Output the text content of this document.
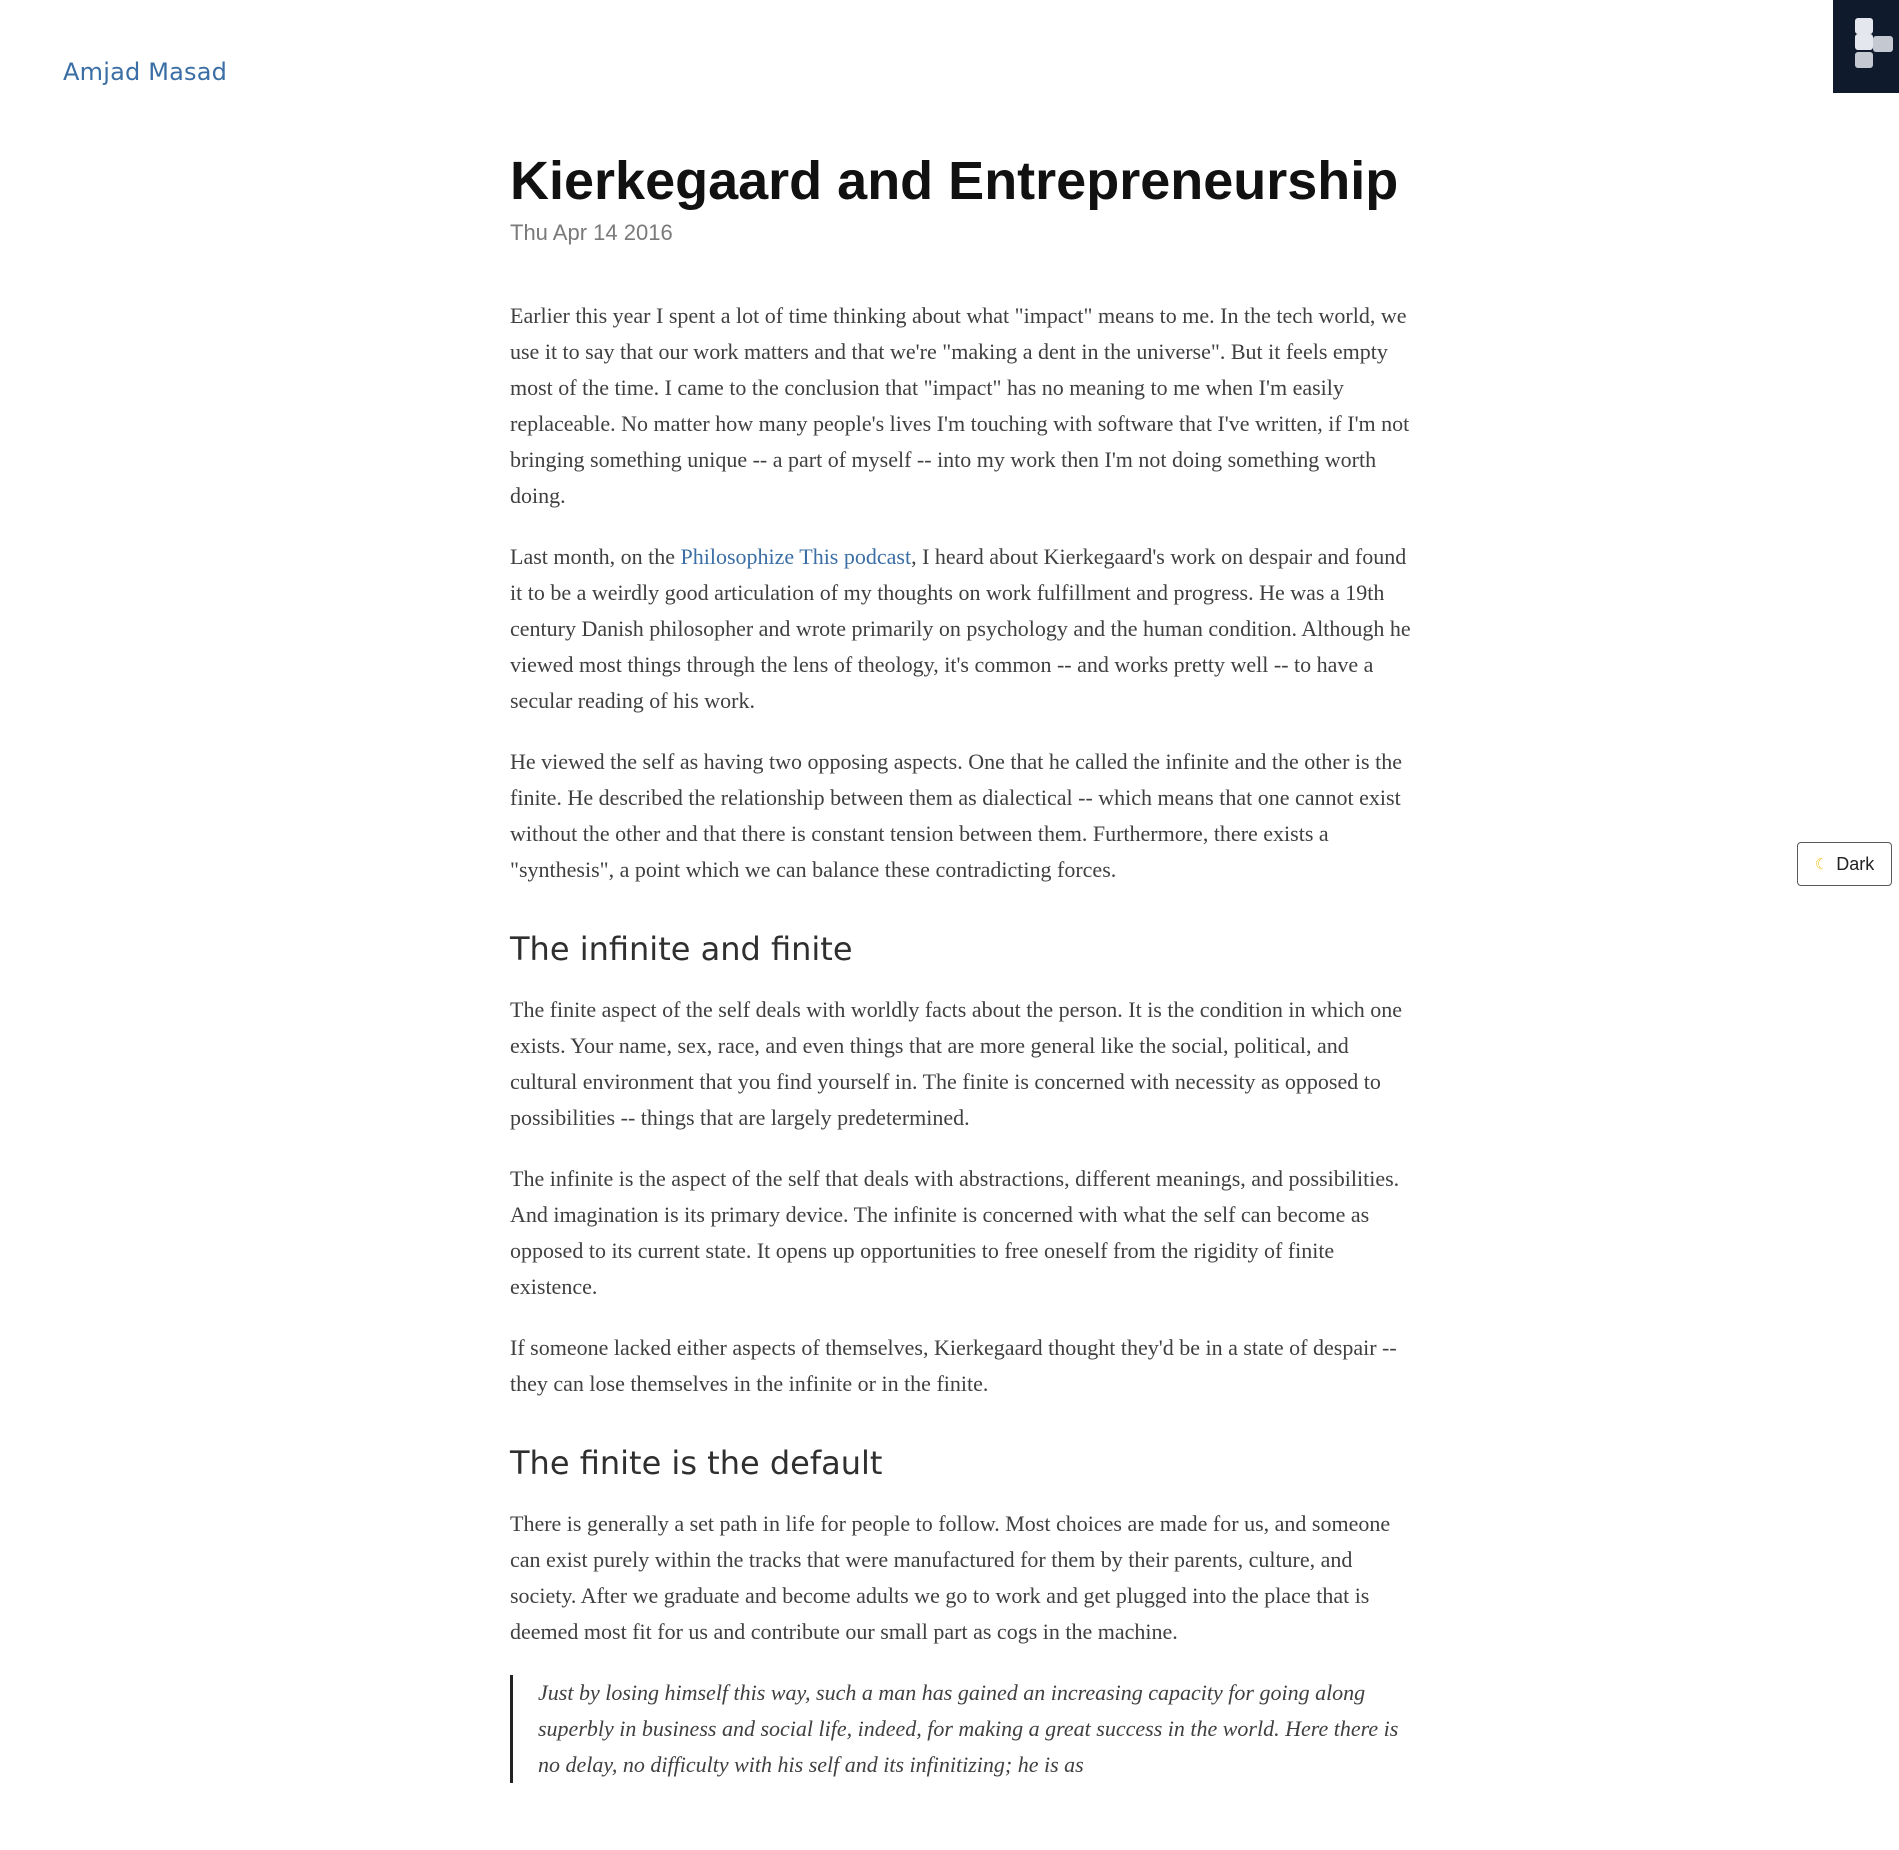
Amjad Masad
☾ Dark
Kierkegaard and Entrepreneurship
Thu Apr 14 2016

Earlier this year I spent a lot of time thinking about what "impact" means to me. In the tech world, we use it to say that our work matters and that we're "making a dent in the universe". But it feels empty most of the time. I came to the conclusion that "impact" has no meaning to me when I'm easily replaceable. No matter how many people's lives I'm touching with software that I've written, if I'm not bringing something unique -- a part of myself -- into my work then I'm not doing something worth doing.

Last month, on the Philosophize This podcast, I heard about Kierkegaard's work on despair and found it to be a weirdly good articulation of my thoughts on work fulfillment and progress. He was a 19th century Danish philosopher and wrote primarily on psychology and the human condition. Although he viewed most things through the lens of theology, it's common -- and works pretty well -- to have a secular reading of his work.

He viewed the self as having two opposing aspects. One that he called the infinite and the other is the finite. He described the relationship between them as dialectical -- which means that one cannot exist without the other and that there is constant tension between them. Furthermore, there exists a "synthesis", a point which we can balance these contradicting forces.

The infinite and finite

The finite aspect of the self deals with worldly facts about the person. It is the condition in which one exists. Your name, sex, race, and even things that are more general like the social, political, and cultural environment that you find yourself in. The finite is concerned with necessity as opposed to possibilities -- things that are largely predetermined.

The infinite is the aspect of the self that deals with abstractions, different meanings, and possibilities. And imagination is its primary device. The infinite is concerned with what the self can become as opposed to its current state. It opens up opportunities to free oneself from the rigidity of finite existence.

If someone lacked either aspects of themselves, Kierkegaard thought they'd be in a state of despair -- they can lose themselves in the infinite or in the finite.

The finite is the default

There is generally a set path in life for people to follow. Most choices are made for us, and someone can exist purely within the tracks that were manufactured for them by their parents, culture, and society. After we graduate and become adults we go to work and get plugged into the place that is deemed most fit for us and contribute our small part as cogs in the machine.

Just by losing himself this way, such a man has gained an increasing capacity for going along superbly in business and social life, indeed, for making a great success in the world. Here there is no delay, no difficulty with his self and its infinitizing; he is as
